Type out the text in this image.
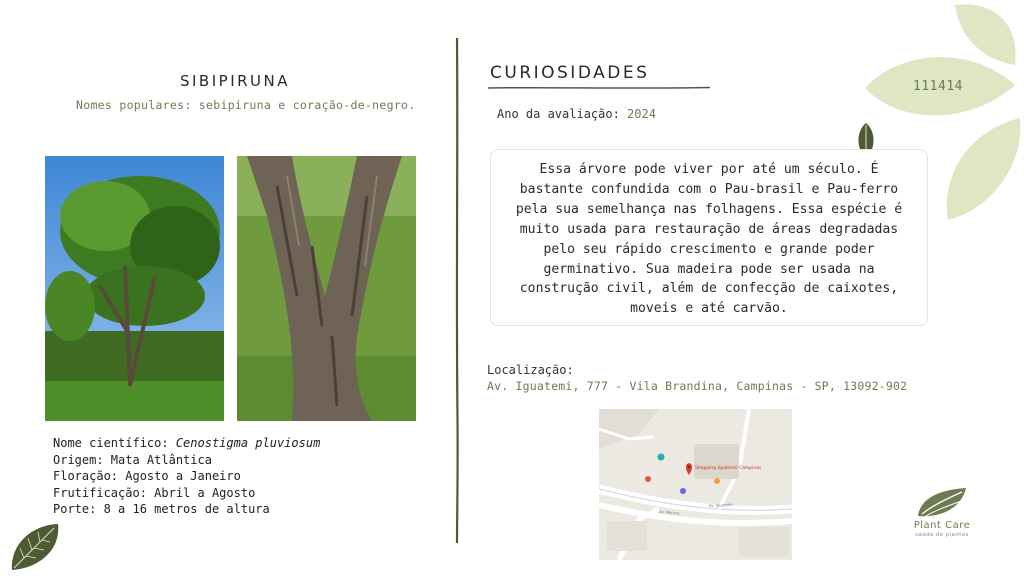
111414
SIBIPIRUNA
Nomes populares: sebipiruna e coração-de-negro.
Nome científico: Cenostigma pluviosum
Origem: Mata Atlântica
Floração: Agosto a Janeiro
Frutificação: Abril a Agosto
Porte: 8 a 16 metros de altura
CURIOSIDADES
Ano da avaliação: 2024
Essa árvore pode viver por até um século. É bastante confundida com o Pau-brasil e Pau-ferro pela sua semelhança nas folhagens. Essa espécie é muito usada para restauração de áreas degradadas pelo seu rápido crescimento e grande poder germinativo. Sua madeira pode ser usada na construção civil, além de confecção de caixotes, moveis e até carvão.
Localização:
Av. Iguatemi, 777 - Vila Brandina, Campinas - SP, 13092-902
Shopping Iguatemi Campinas
Av. Iguatemi
Av. Moraes
Plant Care
saúde de plantas
